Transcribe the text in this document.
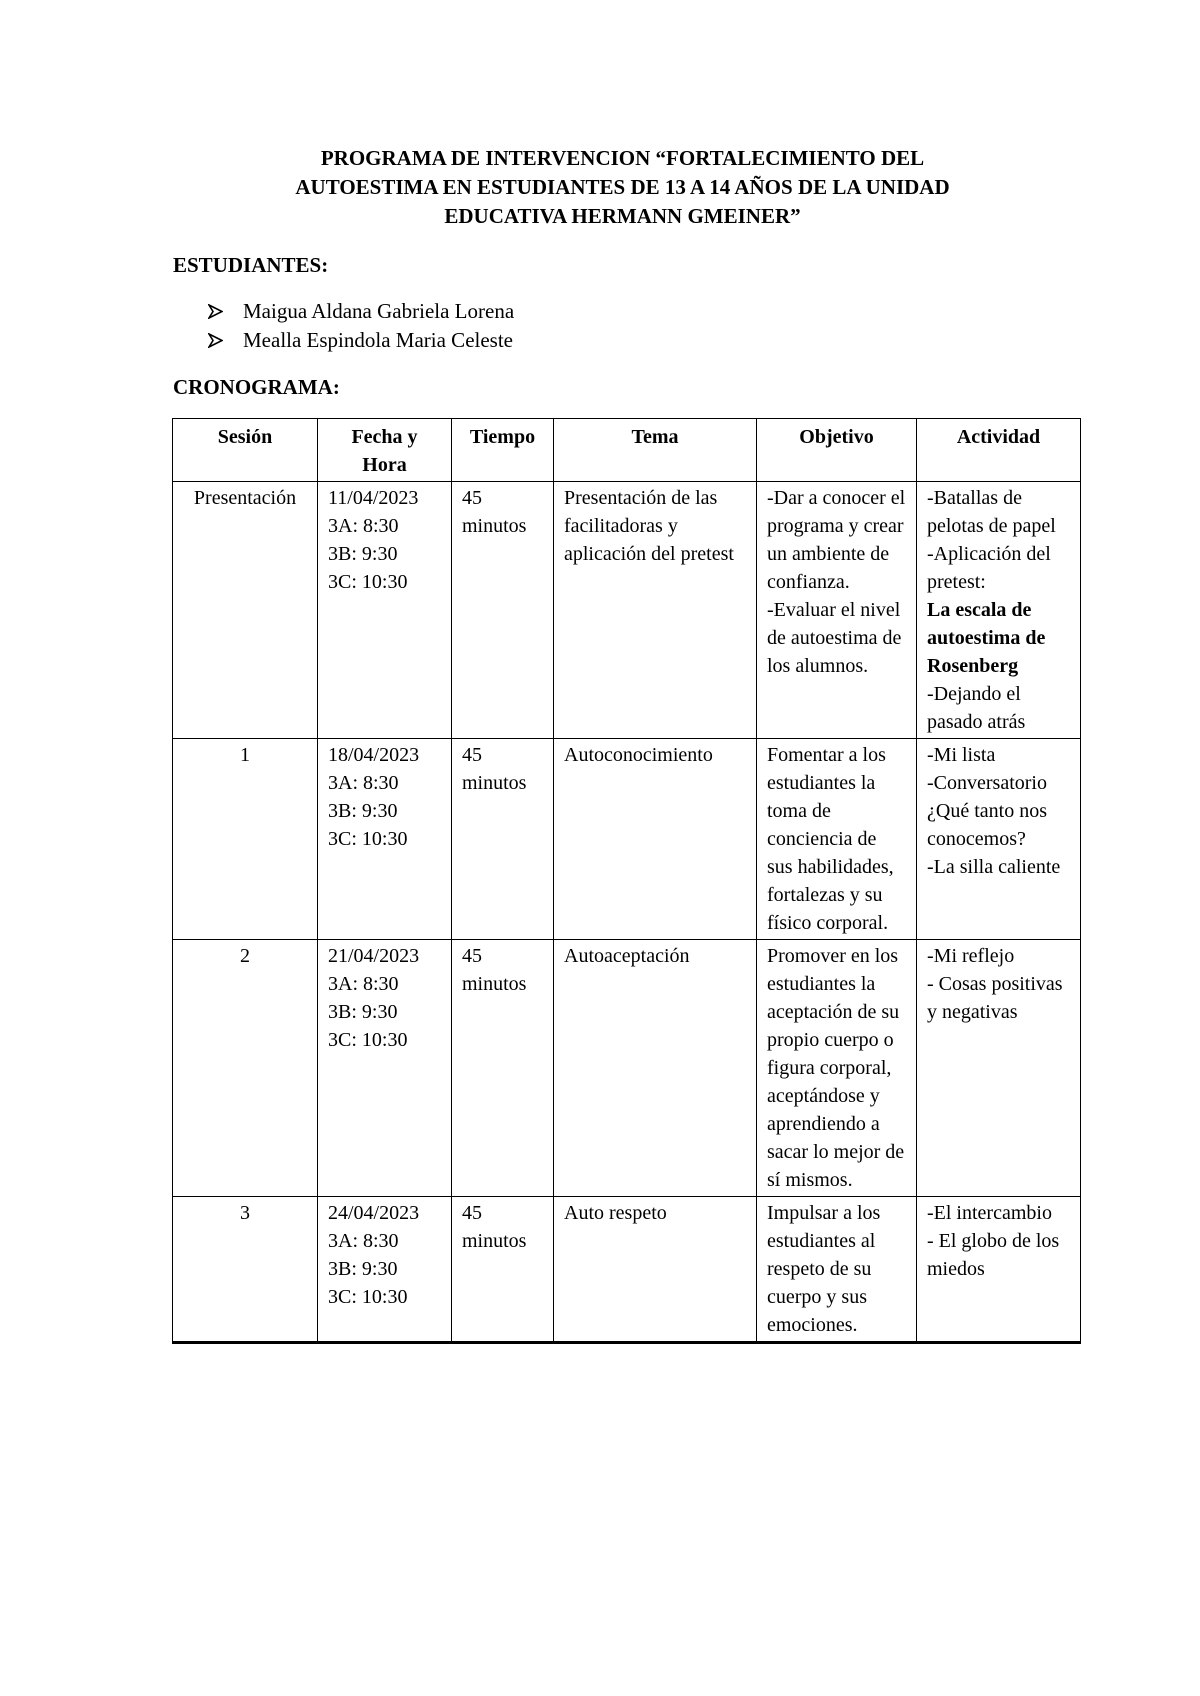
PROGRAMA DE INTERVENCION “FORTALECIMIENTO DEL
AUTOESTIMA EN ESTUDIANTES DE 13 A 14 AÑOS DE LA UNIDAD
EDUCATIVA HERMANN GMEINER”
ESTUDIANTES:
Maigua Aldana Gabriela Lorena
Mealla Espindola Maria Celeste
CRONOGRAMA:
Sesión	Fecha y Hora	Tiempo	Tema	Objetivo	Actividad
Presentación	11/04/2023
3A: 8:30
3B: 9:30
3C: 10:30	45 minutos	Presentación de las facilitadoras y aplicación del pretest	-Dar a conocer el programa y crear un ambiente de confianza.
-Evaluar el nivel de autoestima de los alumnos.	-Batallas de pelotas de papel
-Aplicación del pretest:
La escala de autoestima de Rosenberg
-Dejando el pasado atrás

1	18/04/2023
3A: 8:30
3B: 9:30
3C: 10:30	45 minutos	Autoconocimiento	Fomentar a los estudiantes la toma de conciencia de sus habilidades, fortalezas y su físico corporal.	-Mi lista
-Conversatorio ¿Qué tanto nos conocemos?
-La silla caliente

2	21/04/2023
3A: 8:30
3B: 9:30
3C: 10:30	45 minutos	Autoaceptación	Promover en los estudiantes la aceptación de su propio cuerpo o figura corporal, aceptándose y aprendiendo a sacar lo mejor de sí mismos.	-Mi reflejo
- Cosas positivas y negativas

3	24/04/2023
3A: 8:30
3B: 9:30
3C: 10:30	45 minutos	Auto respeto	Impulsar a los estudiantes al respeto de su cuerpo y sus emociones.	-El intercambio
- El globo de los miedos
